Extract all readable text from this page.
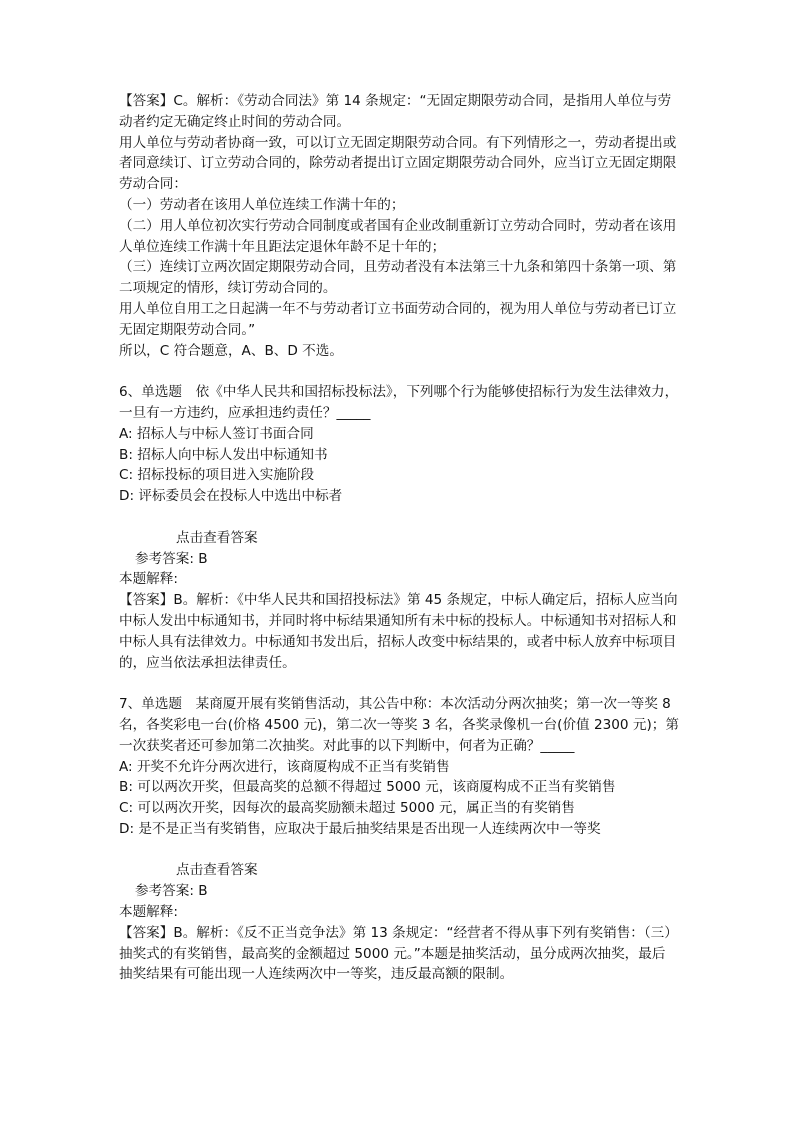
【答案】C。解析：《劳动合同法》第 14 条规定：“无固定期限劳动合同，是指用人单位与劳动者约定无确定终止时间的劳动合同。

用人单位与劳动者协商一致，可以订立无固定期限劳动合同。有下列情形之一，劳动者提出或者同意续订、订立劳动合同的，除劳动者提出订立固定期限劳动合同外，应当订立无固定期限劳动合同：

（一）劳动者在该用人单位连续工作满十年的；

（二）用人单位初次实行劳动合同制度或者国有企业改制重新订立劳动合同时，劳动者在该用人单位连续工作满十年且距法定退休年龄不足十年的；

（三）连续订立两次固定期限劳动合同，且劳动者没有本法第三十九条和第四十条第一项、第二项规定的情形，续订劳动合同的。

用人单位自用工之日起满一年不与劳动者订立书面劳动合同的，视为用人单位与劳动者已订立无固定期限劳动合同。”

所以，C 符合题意，A、B、D 不选。

6、单选题　依《中华人民共和国招标投标法》，下列哪个行为能够使招标行为发生法律效力，一旦有一方违约，应承担违约责任？_____

A: 招标人与中标人签订书面合同

B: 招标人向中标人发出中标通知书

C: 招标投标的项目进入实施阶段

D: 评标委员会在投标人中选出中标者

点击查看答案

参考答案: B

本题解释:

【答案】B。解析：《中华人民共和国招投标法》第 45 条规定，中标人确定后，招标人应当向中标人发出中标通知书，并同时将中标结果通知所有未中标的投标人。中标通知书对招标人和中标人具有法律效力。中标通知书发出后，招标人改变中标结果的，或者中标人放弃中标项目的，应当依法承担法律责任。

7、单选题　某商厦开展有奖销售活动，其公告中称：本次活动分两次抽奖；第一次一等奖 8 名，各奖彩电一台(价格 4500 元)，第二次一等奖 3 名，各奖录像机一台(价值 2300 元)；第一次获奖者还可参加第二次抽奖。对此事的以下判断中，何者为正确？_____

A: 开奖不允许分两次进行，该商厦构成不正当有奖销售

B: 可以两次开奖，但最高奖的总额不得超过 5000 元，该商厦构成不正当有奖销售

C: 可以两次开奖，因每次的最高奖励额未超过 5000 元，属正当的有奖销售

D: 是不是正当有奖销售，应取决于最后抽奖结果是否出现一人连续两次中一等奖

点击查看答案

参考答案: B

本题解释:

【答案】B。解析：《反不正当竞争法》第 13 条规定：“经营者不得从事下列有奖销售：（三）抽奖式的有奖销售，最高奖的金额超过 5000 元。”本题是抽奖活动，虽分成两次抽奖，最后抽奖结果有可能出现一人连续两次中一等奖，违反最高额的限制。
